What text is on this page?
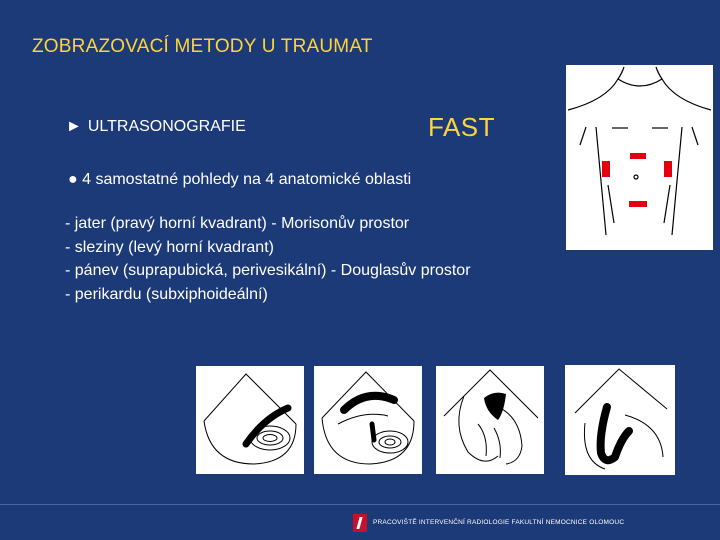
ZOBRAZOVACÍ METODY U TRAUMAT
► ULTRASONOGRAFIE	FAST
● 4 samostatné pohledy na 4 anatomické oblasti
- jater (pravý horní kvadrant) - Morisonův prostor
- sleziny (levý horní kvadrant)
- pánev (suprapubická, perivesikální) - Douglasův prostor
- perikardu (subxiphoideální)
PRACOVIŠTĚ INTERVENČNÍ RADIOLOGIE FAKULTNÍ NEMOCNICE OLOMOUC
